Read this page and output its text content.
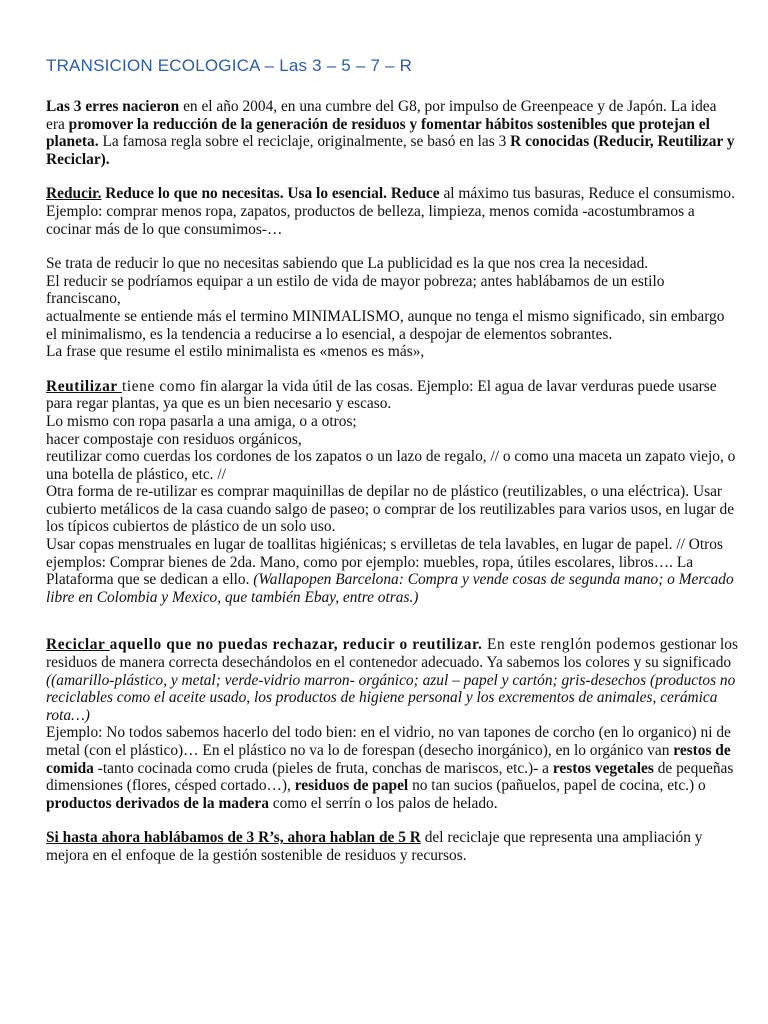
TRANSICION ECOLOGICA – Las 3 – 5 – 7 – R

Las 3 erres nacieron en el año 2004, en una cumbre del G8, por impulso de Greenpeace y de Japón. La idea era promover la reducción de la generación de residuos y fomentar hábitos sostenibles que protejan el planeta. La famosa regla sobre el reciclaje, originalmente, se basó en las 3 R conocidas (Reducir, Reutilizar y Reciclar).

Reducir. Reduce lo que no necesitas. Usa lo esencial. Reduce al máximo tus basuras, Reduce el consumismo. Ejemplo: comprar menos ropa, zapatos, productos de belleza, limpieza, menos comida -acostumbramos a cocinar más de lo que consumimos-…

Se trata de reducir lo que no necesitas sabiendo que La publicidad es la que nos crea la necesidad.

El reducir se podríamos equipar a un estilo de vida de mayor pobreza; antes hablábamos de un estilo franciscano,

actualmente se entiende más el termino MINIMALISMO, aunque no tenga el mismo significado, sin embargo el minimalismo, es la tendencia a reducirse a lo esencial, a despojar de elementos sobrantes.

La frase que resume el estilo minimalista es «menos es más»,

Reutilizar tiene como fin alargar la vida útil de las cosas. Ejemplo: El agua de lavar verduras puede usarse para regar plantas, ya que es un bien necesario y escaso.

Lo mismo con ropa pasarla a una amiga, o a otros;

hacer compostaje con residuos orgánicos,

reutilizar como cuerdas los cordones de los zapatos o un lazo de regalo, // o como una maceta un zapato viejo, o una botella de plástico, etc. //

Otra forma de re-utilizar es comprar maquinillas de depilar no de plástico (reutilizables, o una eléctrica). Usar cubierto metálicos de la casa cuando salgo de paseo; o comprar de los reutilizables para varios usos, en lugar de los típicos cubiertos de plástico de un solo uso.

Usar copas menstruales en lugar de toallitas higiénicas; s ervilletas de tela lavables, en lugar de papel. // Otros ejemplos: Comprar bienes de 2da. Mano, como por ejemplo: muebles, ropa, útiles escolares, libros…. La Plataforma que se dedican a ello. (Wallapopen Barcelona: Compra y vende cosas de segunda mano; o Mercado libre en Colombia y Mexico, que también Ebay, entre otras.)

Reciclar aquello que no puedas rechazar, reducir o reutilizar. En este renglón podemos gestionar los residuos de manera correcta desechándolos en el contenedor adecuado. Ya sabemos los colores y su significado ((amarillo-plástico, y metal; verde-vidrio marron- orgánico; azul – papel y cartón; gris-desechos (productos no reciclables como el aceite usado, los productos de higiene personal y los excrementos de animales, cerámica rota…)

Ejemplo: No todos sabemos hacerlo del todo bien: en el vidrio, no van tapones de corcho (en lo organico) ni de metal (con el plástico)… En el plástico no va lo de forespan (desecho inorgánico), en lo orgánico van restos de comida -tanto cocinada como cruda (pieles de fruta, conchas de mariscos, etc.)- a restos vegetales de pequeñas dimensiones (flores, césped cortado…), residuos de papel no tan sucios (pañuelos, papel de cocina, etc.) o productos derivados de la madera como el serrín o los palos de helado.

Si hasta ahora hablábamos de 3 R’s, ahora hablan de 5 R del reciclaje que representa una ampliación y mejora en el enfoque de la gestión sostenible de residuos y recursos.
